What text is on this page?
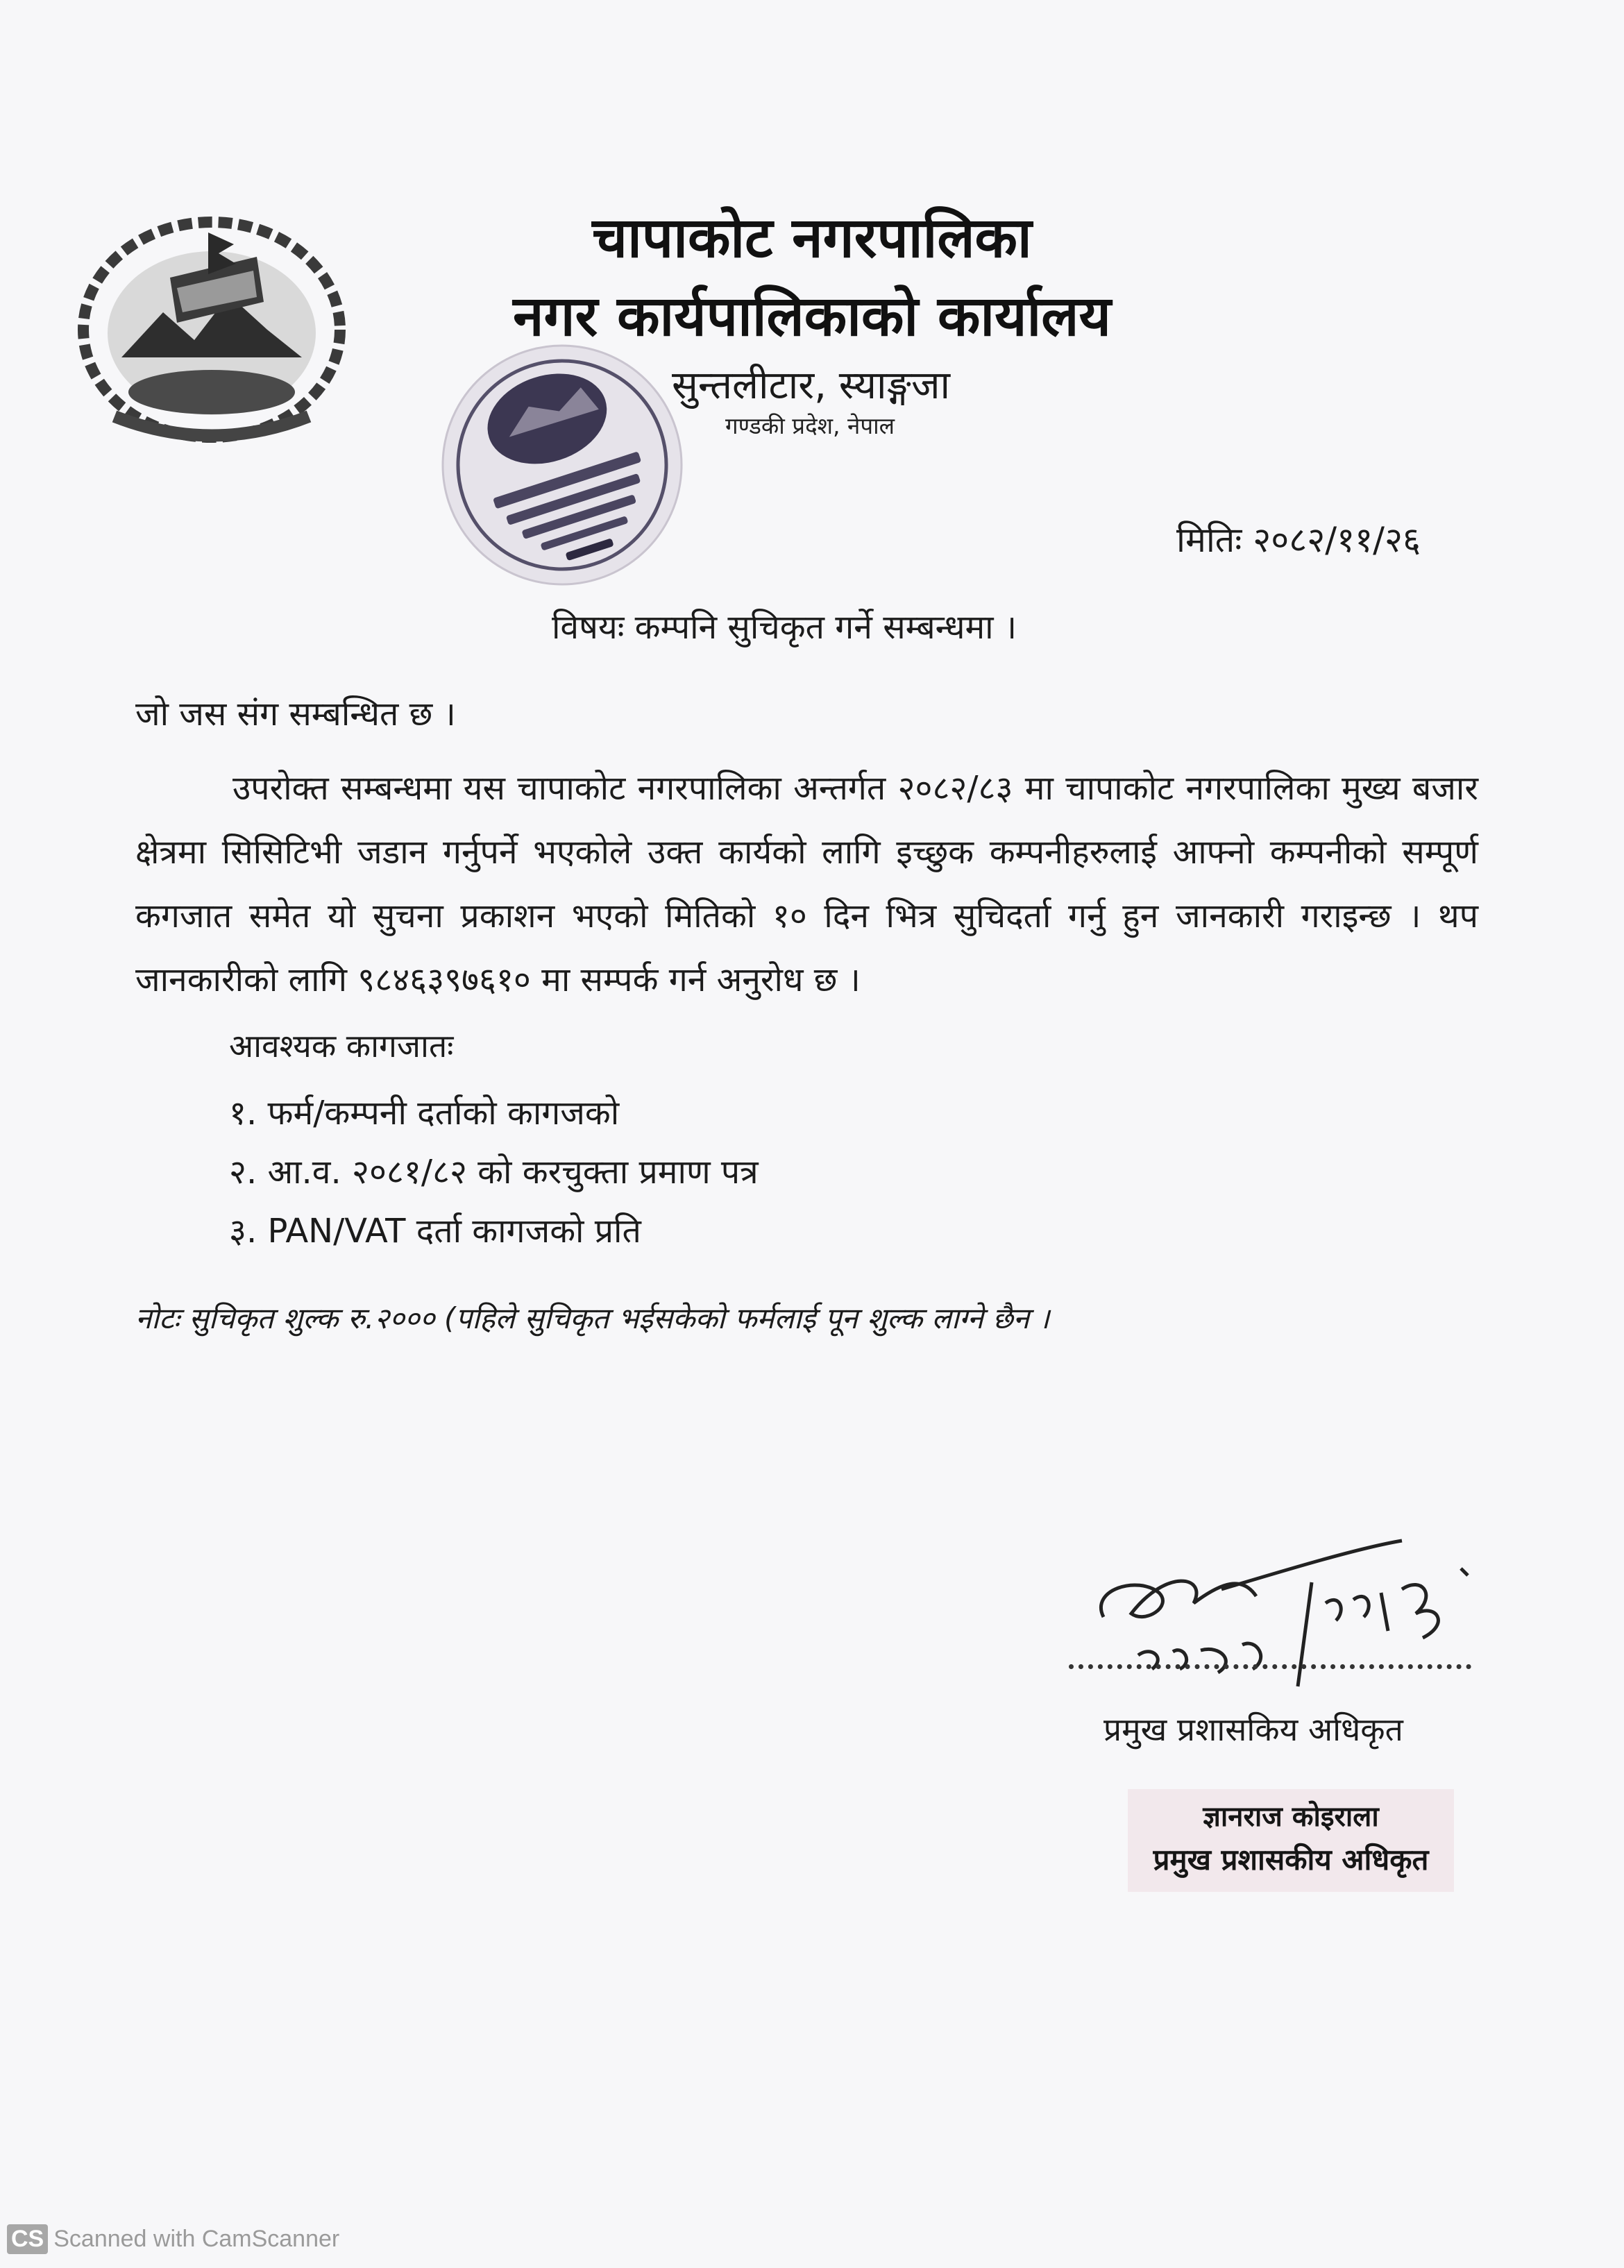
चापाकोट नगरपालिका
नगर कार्यपालिकाको कार्यालय
सुन्तलीटार, स्याङ्गजा
गण्डकी प्रदेश, नेपाल
मितिः २०८२/११/२६
विषयः कम्पनि सुचिकृत गर्ने सम्बन्धमा ।
जो जस संग सम्बन्धित छ ।

उपरोक्त सम्बन्धमा यस चापाकोट नगरपालिका अन्तर्गत २०८२/८३ मा चापाकोट नगरपालिका मुख्य बजार क्षेत्रमा सिसिटिभी जडान गर्नुपर्ने भएकोले उक्त कार्यको लागि इच्छुक कम्पनीहरुलाई आफ्नो कम्पनीको सम्पूर्ण कगजात समेत यो सुचना प्रकाशन भएको मितिको १० दिन भित्र सुचिदर्ता गर्नु हुन जानकारी गराइन्छ । थप जानकारीको लागि ९८४६३९७६१० मा सम्पर्क गर्न अनुरोध छ ।

आवश्यक कागजातः
१. फर्म/कम्पनी दर्ताको कागजको
२. आ.व. २०८१/८२ को करचुक्ता प्रमाण पत्र
३. PAN/VAT दर्ता कागजको प्रति
नोटः सुचिकृत शुल्क रु.२००० (पहिले सुचिकृत भईसकेको फर्मलाई पून शुल्क लाग्ने छैन ।
प्रमुख प्रशासकिय अधिकृत
ज्ञानराज कोइराला
प्रमुख प्रशासकीय अधिकृत
CS Scanned with CamScanner
